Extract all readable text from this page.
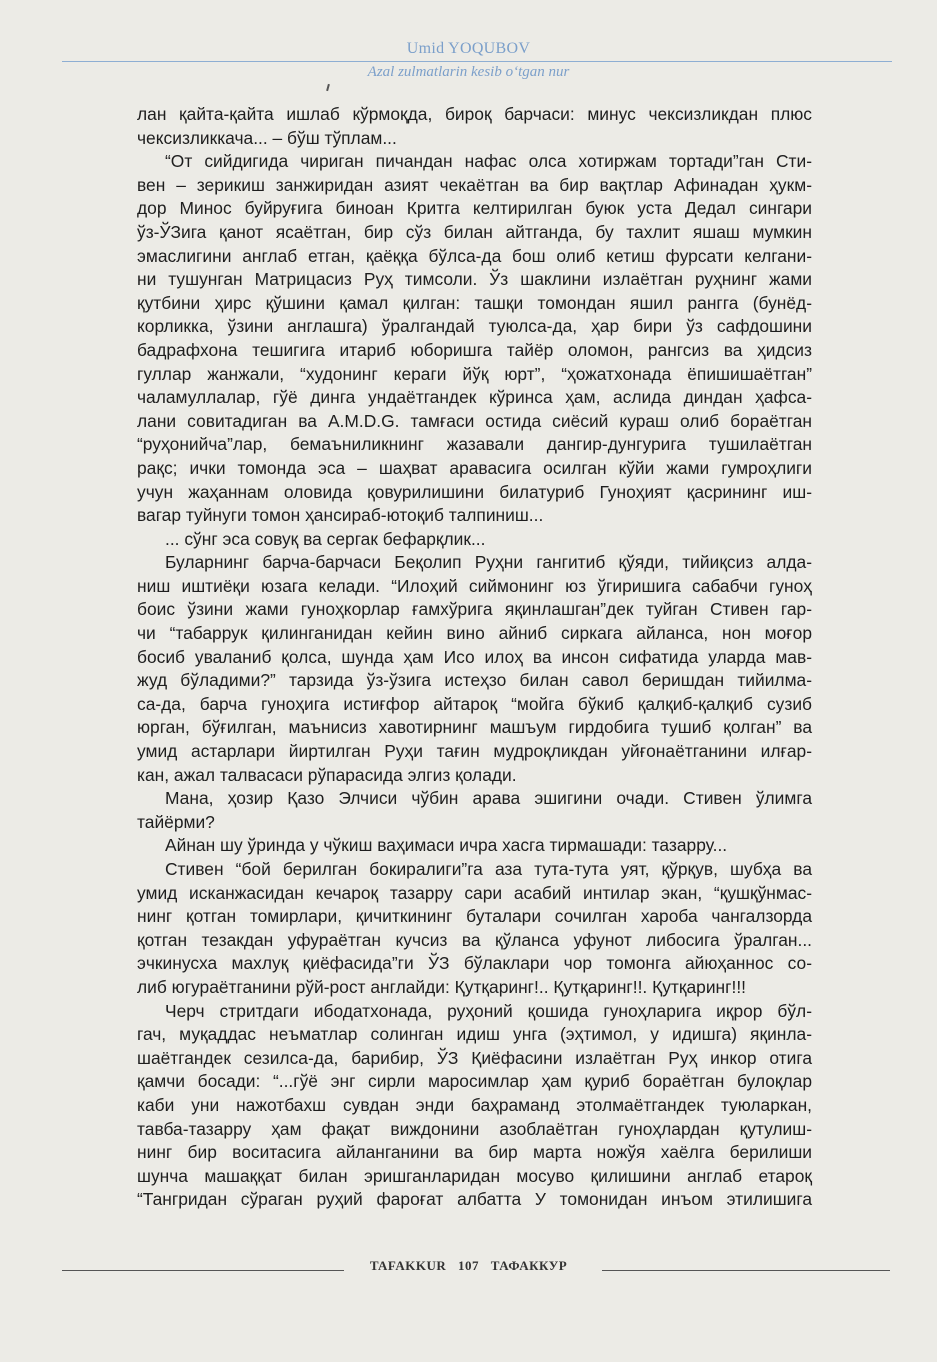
Umid YOQUBOV
Azal zulmatlarin kesib o‘tgan nur
лан қайта-қайта ишлаб кўрмоқда, бироқ барчаси: минус чексизликдан плюс
чексизликкача... – бўш тўплам...
“От сийдигида чириган пичандан нафас олса хотиржам тортади”ган Сти-
вен – зерикиш занжиридан азият чекаётган ва бир вақтлар Афинадан ҳукм-
дор Минос буйруғига биноан Критга келтирилган буюк уста Дедал сингари
ўз-ЎЗига қанот ясаётган, бир сўз билан айтганда, бу тахлит яшаш мумкин
эмаслигини англаб етган, қаёққа бўлса-да бош олиб кетиш фурсати келгани-
ни тушунган Матрицасиз Руҳ тимсоли. Ўз шаклини излаётган руҳнинг жами
қутбини ҳирс қўшини қамал қилган: ташқи томондан яшил рангга (бунёд-
корликка, ўзини англашга) ўралгандай туюлса-да, ҳар бири ўз сафдошини
бадрафхона тешигига итариб юборишга тайёр оломон, рангсиз ва ҳидсиз
гуллар жанжали, “худонинг кераги йўқ юрт”, “ҳожатхонада ёпишишаётган”
чаламуллалар, гўё динга ундаётгандек кўринса ҳам, аслида диндан ҳафса-
лани совитадиган ва A.M.D.G. тамғаси остида сиёсий кураш олиб бораётган
“руҳонийча”лар, бемаъниликнинг жазавали дангир-дунгурига тушилаётган
рақс; ички томонда эса – шаҳват аравасига осилган кўйи жами гумроҳлиги
учун жаҳаннам оловида қовурилишини билатуриб Гуноҳият қасрининг иш-
вагар туйнуги томон ҳансираб-ютоқиб талпиниш...
... сўнг эса совуқ ва сергак бефарқлик...
Буларнинг барча-барчаси Беқолип Руҳни гангитиб қўяди, тийиқсиз алда-
ниш иштиёқи юзага келади. “Илоҳий сиймонинг юз ўгиришига сабабчи гуноҳ
боис ўзини жами гуноҳкорлар ғамхўрига яқинлашган”дек туйган Стивен гар-
чи “табаррук қилинганидан кейин вино айниб сиркага айланса, нон моғор
босиб уваланиб қолса, шунда ҳам Исо илоҳ ва инсон сифатида уларда мав-
жуд бўладими?” тарзида ўз-ўзига истеҳзо билан савол беришдан тийилма-
са-да, барча гуноҳига истиғфор айтароқ “мойга бўкиб қалқиб-қалқиб сузиб
юрган, бўғилган, маънисиз хавотирнинг машъум гирдобига тушиб қолган” ва
умид астарлари йиртилган Руҳи тағин мудроқликдан уйғонаётганини илғар-
кан, ажал талвасаси рўпарасида элгиз қолади.
Мана, ҳозир Қазо Элчиси чўбин арава эшигини очади. Стивен ўлимга
тайёрми?
Айнан шу ўринда у чўкиш ваҳимаси ичра хасга тирмашади: тазарру...
Стивен “бой берилган бокиралиги”га аза тута-тута уят, қўрқув, шубҳа ва
умид исканжасидан кечароқ тазарру сари асабий интилар экан, “қушқўнмас-
нинг қотган томирлари, қичиткининг буталари сочилган хароба чангалзорда
қотган тезакдан уфураётган кучсиз ва қўланса уфунот либосига ўралган...
эчкинусха махлуқ қиёфасида”ги ЎЗ бўлаклари чор томонга айюҳаннос со-
либ югураётганини рўй-рост англайди: Қутқаринг!.. Қутқаринг!!. Қутқаринг!!!
Черч стритдаги ибодатхонада, руҳоний қошида гуноҳларига иқрор бўл-
гач, муқаддас неъматлар солинган идиш унга (эҳтимол, у идишга) яқинла-
шаётгандек сезилса-да, барибир, ЎЗ Қиёфасини излаётган Руҳ инкор отига
қамчи босади: “...гўё энг сирли маросимлар ҳам қуриб бораётган булоқлар
каби уни нажотбахш сувдан энди баҳраманд этолмаётгандек туюларкан,
тавба-тазарру ҳам фақат виждонини азоблаётган гуноҳлардан қутулиш-
нинг бир воситасига айланганини ва бир марта ножўя хаёлга берилиши
шунча машаққат билан эришганларидан мосуво қилишини англаб етароқ
“Тангридан сўраган руҳий фароғат албатта У томонидан инъом этилишига
TAFAKKUR 107 ТАФАККУР
